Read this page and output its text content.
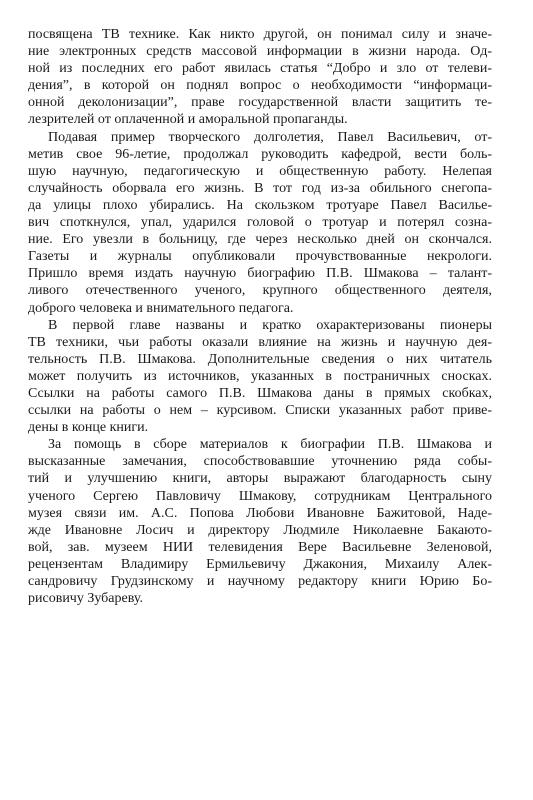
посвящена ТВ технике. Как никто другой, он понимал силу и значе-
ние электронных средств массовой информации в жизни народа. Од-
ной из последних его работ явилась статья “Добро и зло от телеви-
дения”, в которой он поднял вопрос о необходимости “информаци-
онной деколонизации”, праве государственной власти защитить те-
лезрителей от оплаченной и аморальной пропаганды.
Подавая пример творческого долголетия, Павел Васильевич, от-
метив свое 96-летие, продолжал руководить кафедрой, вести боль-
шую научную, педагогическую и общественную работу. Нелепая
случайность оборвала его жизнь. В тот год из-за обильного снегопа-
да улицы плохо убирались. На скользком тротуаре Павел Василье-
вич споткнулся, упал, ударился головой о тротуар и потерял созна-
ние. Его увезли в больницу, где через несколько дней он скончался.
Газеты и журналы опубликовали прочувствованные некрологи.
Пришло время издать научную биографию П.В. Шмакова – талант-
ливого отечественного ученого, крупного общественного деятеля,
доброго человека и внимательного педагога.
В первой главе названы и кратко охарактеризованы пионеры
ТВ техники, чьи работы оказали влияние на жизнь и научную дея-
тельность П.В. Шмакова. Дополнительные сведения о них читатель
может получить из источников, указанных в постраничных сносках.
Ссылки на работы самого П.В. Шмакова даны в прямых скобках,
ссылки на работы о нем – курсивом. Списки указанных работ приве-
дены в конце книги.
За помощь в сборе материалов к биографии П.В. Шмакова и
высказанные замечания, способствовавшие уточнению ряда собы-
тий и улучшению книги, авторы выражают благодарность сыну
ученого Сергею Павловичу Шмакову, сотрудникам Центрального
музея связи им. А.С. Попова Любови Ивановне Бажитовой, Наде-
жде Ивановне Лосич и директору Людмиле Николаевне Бакаюто-
вой, зав. музеем НИИ телевидения Вере Васильевне Зеленовой,
рецензентам Владимиру Ермильевичу Джакония, Михаилу Алек-
сандровичу Грудзинскому и научному редактору книги Юрию Бо-
рисовичу Зубареву.
